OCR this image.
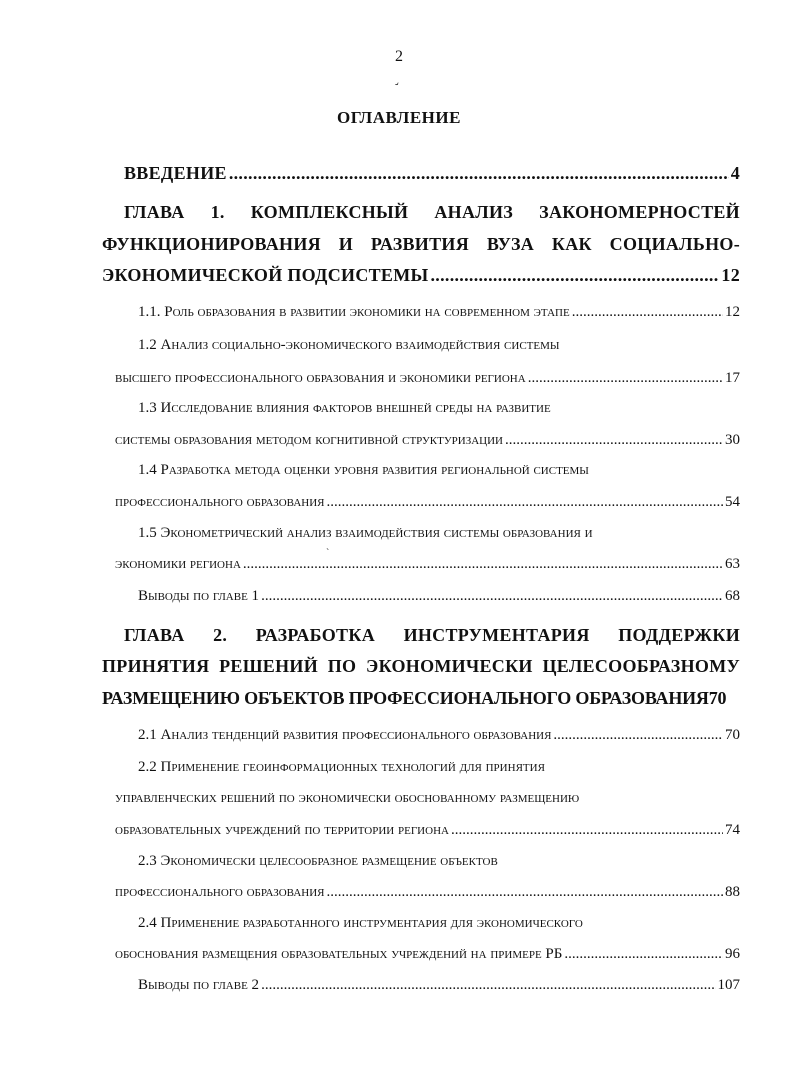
2
ˇ
`
ОГЛАВЛЕНИЕ
ВВЕДЕНИЕ .....	4
ГЛАВА 1. КОМПЛЕКСНЫЙ АНАЛИЗ ЗАКОНОМЕРНОСТЕЙ
ФУНКЦИОНИРОВАНИЯ И РАЗВИТИЯ ВУЗА КАК СОЦИАЛЬНО-
ЭКОНОМИЧЕСКОЙ ПОДСИСТЕМЫ .....	12
1.1. Роль образования в развитии экономики на современном этапе .....	12
1.2 Анализ социально-экономического взаимодействия системы
высшего профессионального образования и экономики региона .....	17
1.3 Исследование влияния факторов внешней среды на развитие
системы образования методом когнитивной структуризации .....	30
1.4 Разработка метода оценки уровня развития региональной системы
профессионального образования .....	54
1.5 Эконометрический анализ взаимодействия системы образования и
экономики региона .....	63
Выводы по главе 1 .....	68
ГЛАВА 2. РАЗРАБОТКА ИНСТРУМЕНТАРИЯ ПОДДЕРЖКИ
ПРИНЯТИЯ РЕШЕНИЙ ПО ЭКОНОМИЧЕСКИ ЦЕЛЕСООБРАЗНОМУ
РАЗМЕЩЕНИЮ ОБЪЕКТОВ ПРОФЕССИОНАЛЬНОГО ОБРАЗОВАНИЯ70
2.1 Анализ тенденций развития профессионального образования .....	70
2.2 Применение геоинформационных технологий для принятия
управленческих решений по экономически обоснованному размещению
образовательных учреждений по территории региона .....	74
2.3 Экономически целесообразное размещение объектов
профессионального образования .....	88
2.4 Применение разработанного инструментария для экономического
обоснования размещения образовательных учреждений на примере РБ .....	96
Выводы по главе 2 .....	107
